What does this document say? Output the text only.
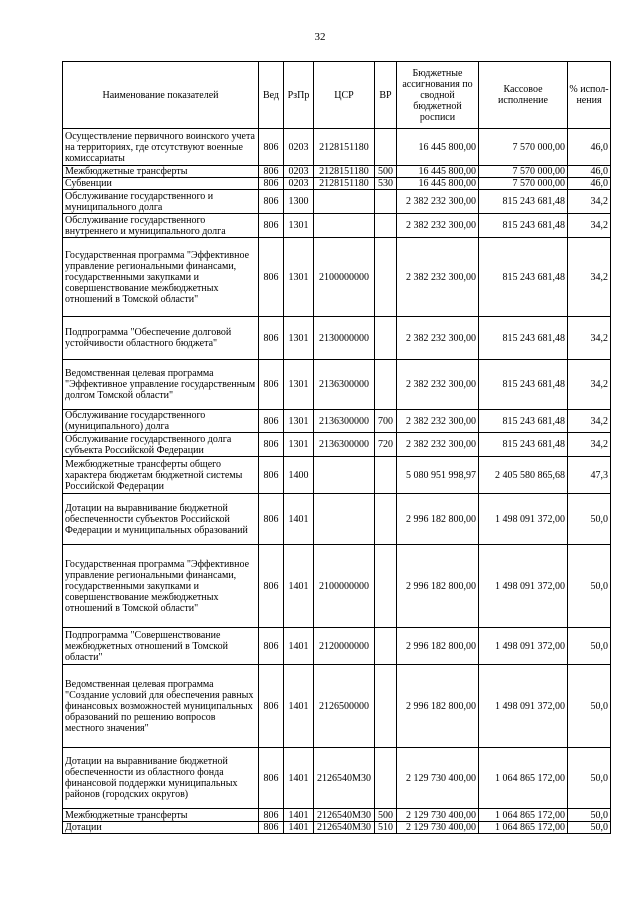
32
Наименование показателей	Вед	РзПр	ЦСР	ВР	Бюджетные ассигнования по сводной бюджетной росписи	Кассовое исполнение	% испол-нения
Осуществление первичного воинского учета на территориях, где отсутствуют военные комиссариаты	806	0203	2128151180		16 445 800,00	7 570 000,00	46,0
Межбюджетные трансферты	806	0203	2128151180	500	16 445 800,00	7 570 000,00	46,0
Субвенции	806	0203	2128151180	530	16 445 800,00	7 570 000,00	46,0
Обслуживание государственного и муниципального долга	806	1300			2 382 232 300,00	815 243 681,48	34,2
Обслуживание государственного внутреннего и муниципального долга	806	1301			2 382 232 300,00	815 243 681,48	34,2
Государственная программа "Эффективное управление региональными финансами, государственными закупками и совершенствование межбюджетных отношений в Томской области"	806	1301	2100000000		2 382 232 300,00	815 243 681,48	34,2
Подпрограмма "Обеспечение долговой устойчивости областного бюджета"	806	1301	2130000000		2 382 232 300,00	815 243 681,48	34,2
Ведомственная целевая программа "Эффективное управление государственным долгом Томской области"	806	1301	2136300000		2 382 232 300,00	815 243 681,48	34,2
Обслуживание государственного (муниципального) долга	806	1301	2136300000	700	2 382 232 300,00	815 243 681,48	34,2
Обслуживание государственного долга субъекта Российской Федерации	806	1301	2136300000	720	2 382 232 300,00	815 243 681,48	34,2
Межбюджетные трансферты общего характера бюджетам бюджетной системы Российской Федерации	806	1400			5 080 951 998,97	2 405 580 865,68	47,3
Дотации на выравнивание бюджетной обеспеченности субъектов Российской Федерации и муниципальных образований	806	1401			2 996 182 800,00	1 498 091 372,00	50,0
Государственная программа "Эффективное управление региональными финансами, государственными закупками и совершенствование межбюджетных отношений в Томской области"	806	1401	2100000000		2 996 182 800,00	1 498 091 372,00	50,0
Подпрограмма "Совершенствование межбюджетных отношений в Томской области"	806	1401	2120000000		2 996 182 800,00	1 498 091 372,00	50,0
Ведомственная целевая программа "Создание условий для обеспечения равных финансовых возможностей муниципальных образований по решению вопросов местного значения"	806	1401	2126500000		2 996 182 800,00	1 498 091 372,00	50,0
Дотации на выравнивание бюджетной обеспеченности из областного фонда финансовой поддержки муниципальных районов (городских округов)	806	1401	2126540М30		2 129 730 400,00	1 064 865 172,00	50,0
Межбюджетные трансферты	806	1401	2126540М30	500	2 129 730 400,00	1 064 865 172,00	50,0
Дотации	806	1401	2126540М30	510	2 129 730 400,00	1 064 865 172,00	50,0
